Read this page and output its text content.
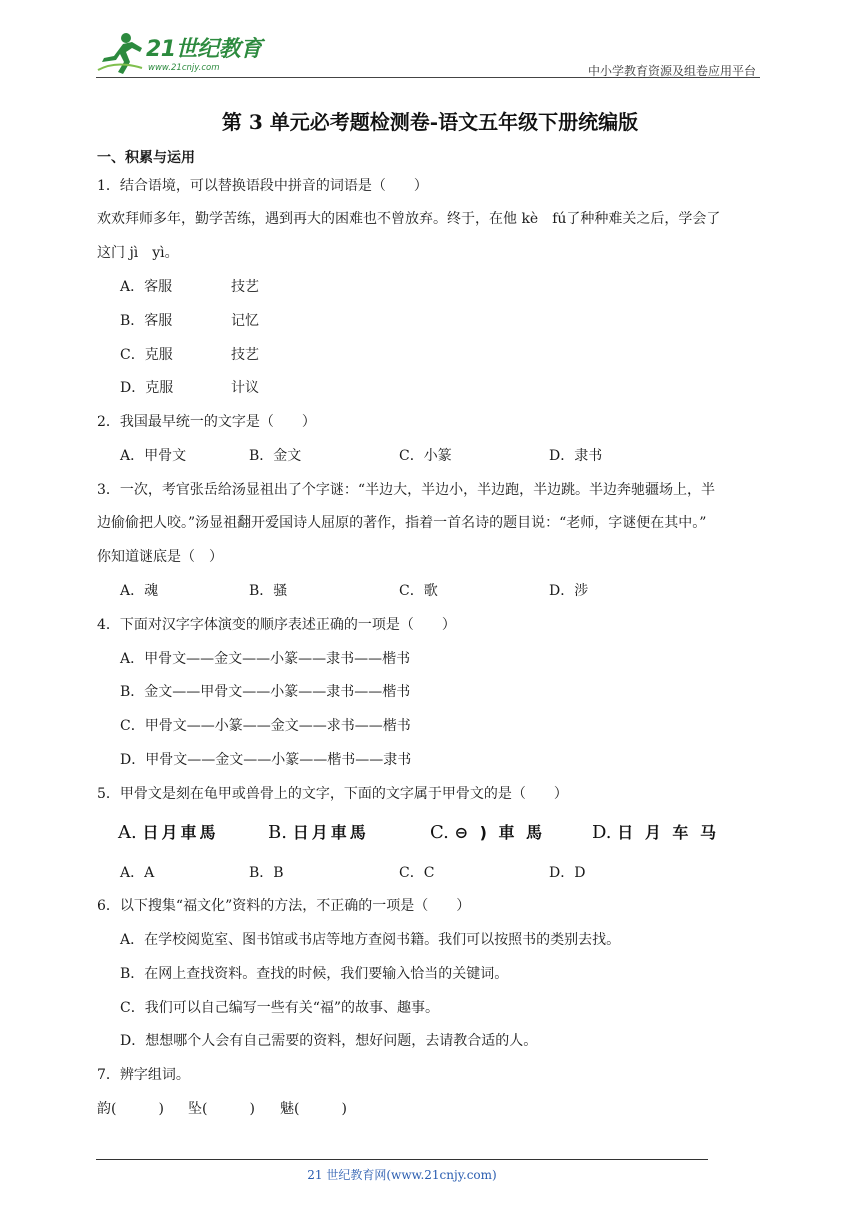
21世纪教育
www.21cnjy.com	中小学教育资源及组卷应用平台
第 3 单元必考题检测卷-语文五年级下册统编版
一、积累与运用
1．结合语境，可以替换语段中拼音的词语是（　　）
欢欢拜师多年，勤学苦练，遇到再大的困难也不曾放弃。终于，在他 kè　fú了种种难关之后，学会了
这门 jì　yì。
A．客服	技艺
B．客服	记忆
C．克服	技艺
D．克服	计议
2．我国最早统一的文字是（　　）
A．甲骨文	B．金文	C．小篆	D．隶书
3．一次，考官张岳给汤显祖出了个字谜：“半边大，半边小，半边跑，半边跳。半边奔驰疆场上，半
边偷偷把人咬。”汤显祖翻开爱国诗人屈原的著作，指着一首名诗的题目说：“老师，字谜便在其中。”
你知道谜底是（　）
A．魂	B．骚	C．歌	D．涉
4．下面对汉字字体演变的顺序表述正确的一项是（　　）
A．甲骨文——金文——小篆——隶书——楷书
B．金文——甲骨文——小篆——隶书——楷书
C．甲骨文——小篆——金文——求书——楷书
D．甲骨文——金文——小篆——楷书——隶书
5．甲骨文是刻在龟甲或兽骨上的文字，下面的文字属于甲骨文的是（　　）
A. 日月車馬	B. 日月車馬	C. ⊖ ) 車 馬	D. 日 月 车 马
A．A	B．B	C．C	D．D
6．以下搜集“福文化”资料的方法，不正确的一项是（　　）
A．在学校阅览室、图书馆或书店等地方查阅书籍。我们可以按照书的类别去找。
B．在网上查找资料。查找的时候，我们要输入恰当的关键词。
C．我们可以自己编写一些有关“福”的故事、趣事。
D．想想哪个人会有自己需要的资料，想好问题，去请教合适的人。
7．辨字组词。
韵(　　　) 坠(　　　) 魅(　　　)
21 世纪教育网(www.21cnjy.com)
